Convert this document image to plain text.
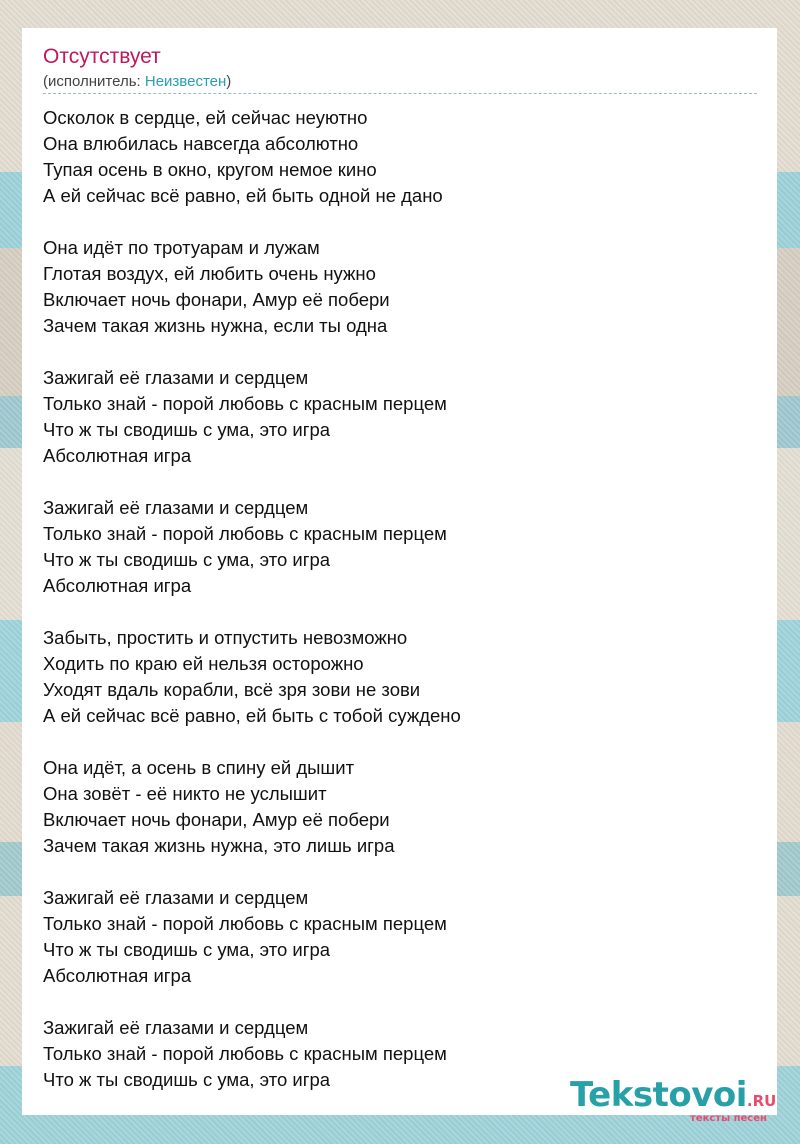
Отсутствует
(исполнитель: Неизвестен)
Осколок в сердце, ей сейчас неуютно
Она влюбилась навсегда абсолютно
Тупая осень в окно, кругом немое кино
А ей сейчас всё равно, ей быть одной не дано
Она идёт по тротуарам и лужам
Глотая воздух, ей любить очень нужно
Включает ночь фонари, Амур её побери
Зачем такая жизнь нужна, если ты одна
Зажигай её глазами и сердцем
Только знай - порой любовь с красным перцем
Что ж ты сводишь с ума, это игра
Абсолютная игра
Зажигай её глазами и сердцем
Только знай - порой любовь с красным перцем
Что ж ты сводишь с ума, это игра
Абсолютная игра
Забыть, простить и отпустить невозможно
Ходить по краю ей нельзя осторожно
Уходят вдаль корабли, всё зря зови не зови
А ей сейчас всё равно, ей быть с тобой суждено
Она идёт, а осень в спину ей дышит
Она зовёт - её никто не услышит
Включает ночь фонари, Амур её побери
Зачем такая жизнь нужна, это лишь игра
Зажигай её глазами и сердцем
Только знай - порой любовь с красным перцем
Что ж ты сводишь с ума, это игра
Абсолютная игра
Зажигай её глазами и сердцем
Только знай - порой любовь с красным перцем
Что ж ты сводишь с ума, это игра	Tekstovoi.RU
тексты песен
